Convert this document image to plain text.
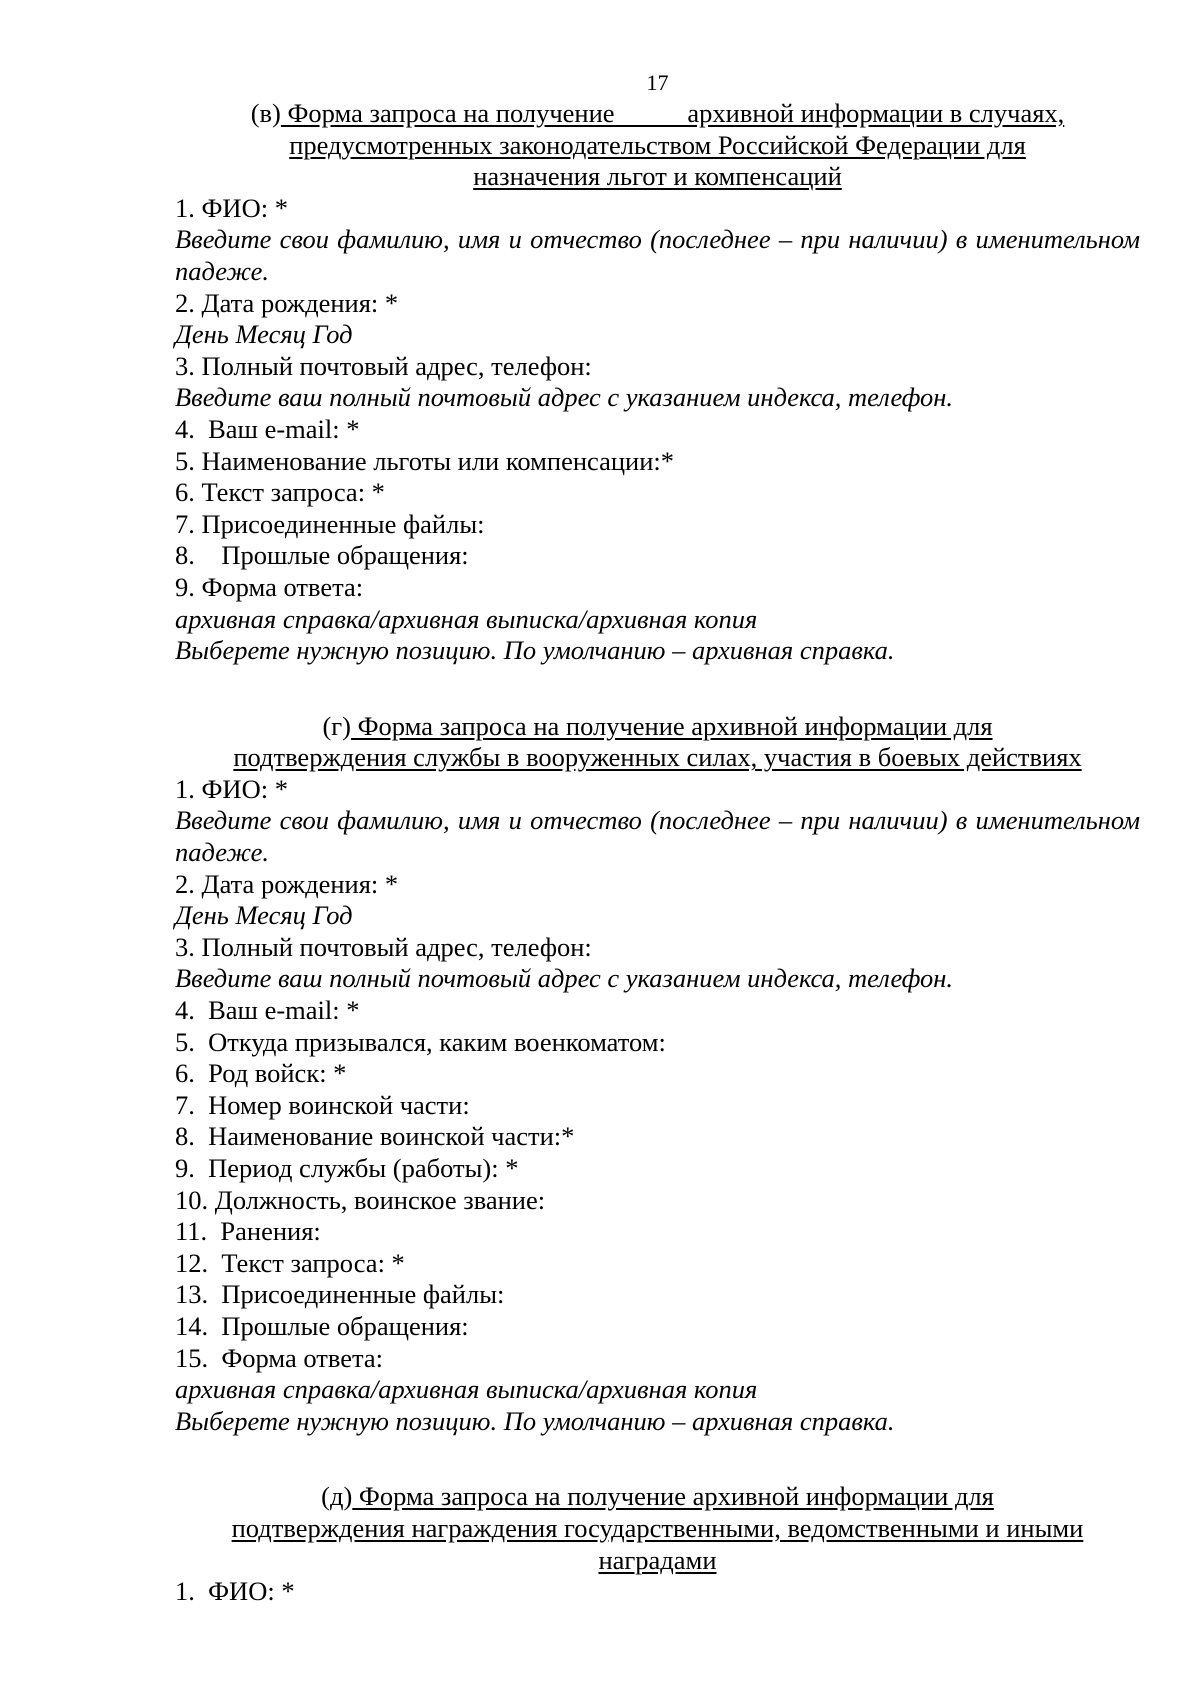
17
(в) Форма запроса на получение           архивной информации в случаях,
предусмотренных законодательством Российской Федерации для
назначения льгот и компенсаций
1. ФИО: *
Введите свои фамилию, имя и отчество (последнее – при наличии) в именительном падеже.
2. Дата рождения: *
День Месяц Год
3. Полный почтовый адрес, телефон:
Введите ваш полный почтовый адрес с указанием индекса, телефон.
4.  Ваш e-mail: *
5. Наименование льготы или компенсации:*
6. Текст запроса: *
7. Присоединенные файлы:
8.    Прошлые обращения:
9. Форма ответа:
архивная справка/архивная выписка/архивная копия
Выберете нужную позицию. По умолчанию – архивная справка.
(г) Форма запроса на получение архивной информации для
подтверждения службы в вооруженных силах, участия в боевых действиях
1. ФИО: *
Введите свои фамилию, имя и отчество (последнее – при наличии) в именительном падеже.
2. Дата рождения: *
День Месяц Год
3. Полный почтовый адрес, телефон:
Введите ваш полный почтовый адрес с указанием индекса, телефон.
4.  Ваш e-mail: *
5.  Откуда призывался, каким военкоматом:
6.  Род войск: *
7.  Номер воинской части:
8.  Наименование воинской части:*
9.  Период службы (работы): *
10. Должность, воинское звание:
11.  Ранения:
12.  Текст запроса: *
13.  Присоединенные файлы:
14.  Прошлые обращения:
15.  Форма ответа:
архивная справка/архивная выписка/архивная копия
Выберете нужную позицию. По умолчанию – архивная справка.
(д) Форма запроса на получение архивной информации для
подтверждения награждения государственными, ведомственными и иными
наградами
1.  ФИО: *
